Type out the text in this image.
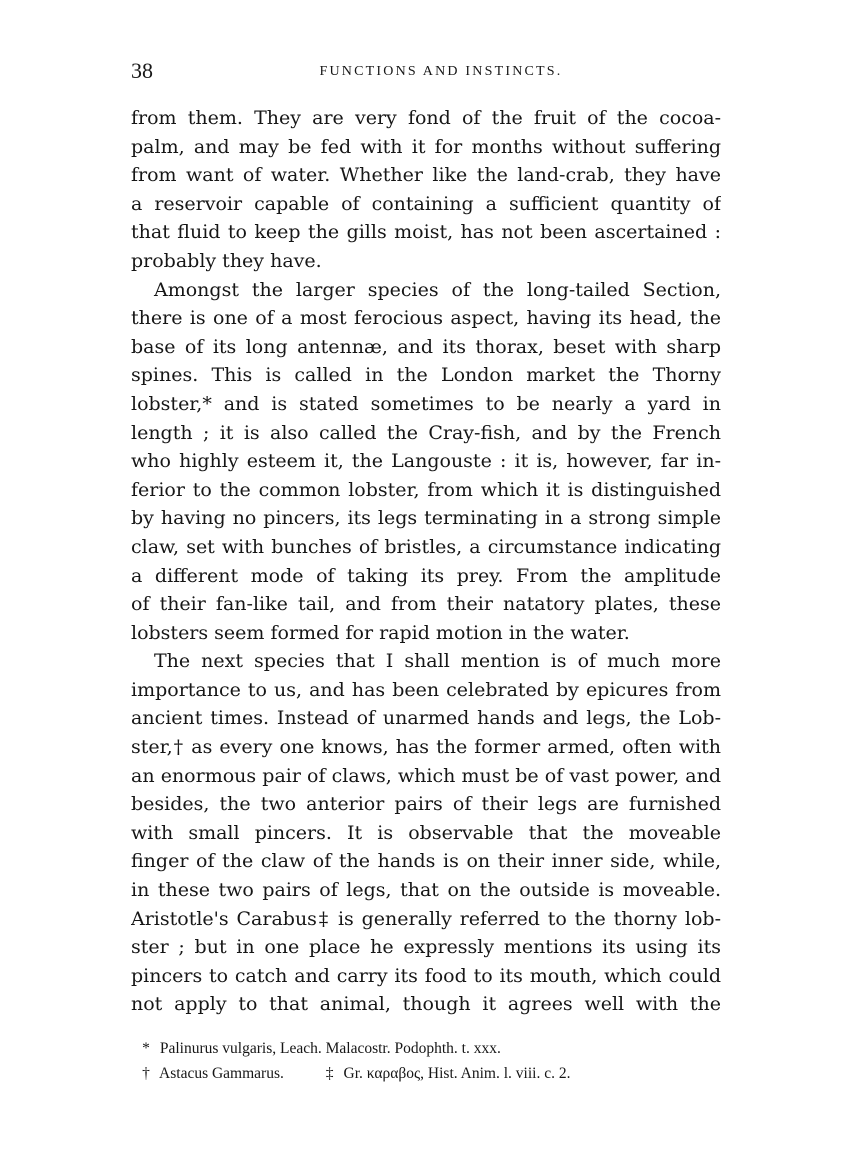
38	FUNCTIONS AND INSTINCTS.
from them. They are very fond of the fruit of the cocoa-
palm, and may be fed with it for months without suffering
from want of water. Whether like the land-crab, they have
a reservoir capable of containing a sufficient quantity of
that fluid to keep the gills moist, has not been ascertained :
probably they have.
Amongst the larger species of the long-tailed Section,
there is one of a most ferocious aspect, having its head, the
base of its long antennæ, and its thorax, beset with sharp
spines. This is called in the London market the Thorny
lobster,* and is stated sometimes to be nearly a yard in
length ; it is also called the Cray-fish, and by the French
who highly esteem it, the Langouste : it is, however, far in-
ferior to the common lobster, from which it is distinguished
by having no pincers, its legs terminating in a strong simple
claw, set with bunches of bristles, a circumstance indicating
a different mode of taking its prey. From the amplitude
of their fan-like tail, and from their natatory plates, these
lobsters seem formed for rapid motion in the water.
The next species that I shall mention is of much more
importance to us, and has been celebrated by epicures from
ancient times. Instead of unarmed hands and legs, the Lob-
ster,† as every one knows, has the former armed, often with
an enormous pair of claws, which must be of vast power, and
besides, the two anterior pairs of their legs are furnished
with small pincers. It is observable that the moveable
finger of the claw of the hands is on their inner side, while,
in these two pairs of legs, that on the outside is moveable.
Aristotle's Carabus‡ is generally referred to the thorny lob-
ster ; but in one place he expressly mentions its using its
pincers to catch and carry its food to its mouth, which could
not apply to that animal, though it agrees well with the
* Palinurus vulgaris, Leach. Malacostr. Podophth. t. xxx.
† Astacus Gammarus.	‡ Gr. καραβος, Hist. Anim. l. viii. c. 2.
